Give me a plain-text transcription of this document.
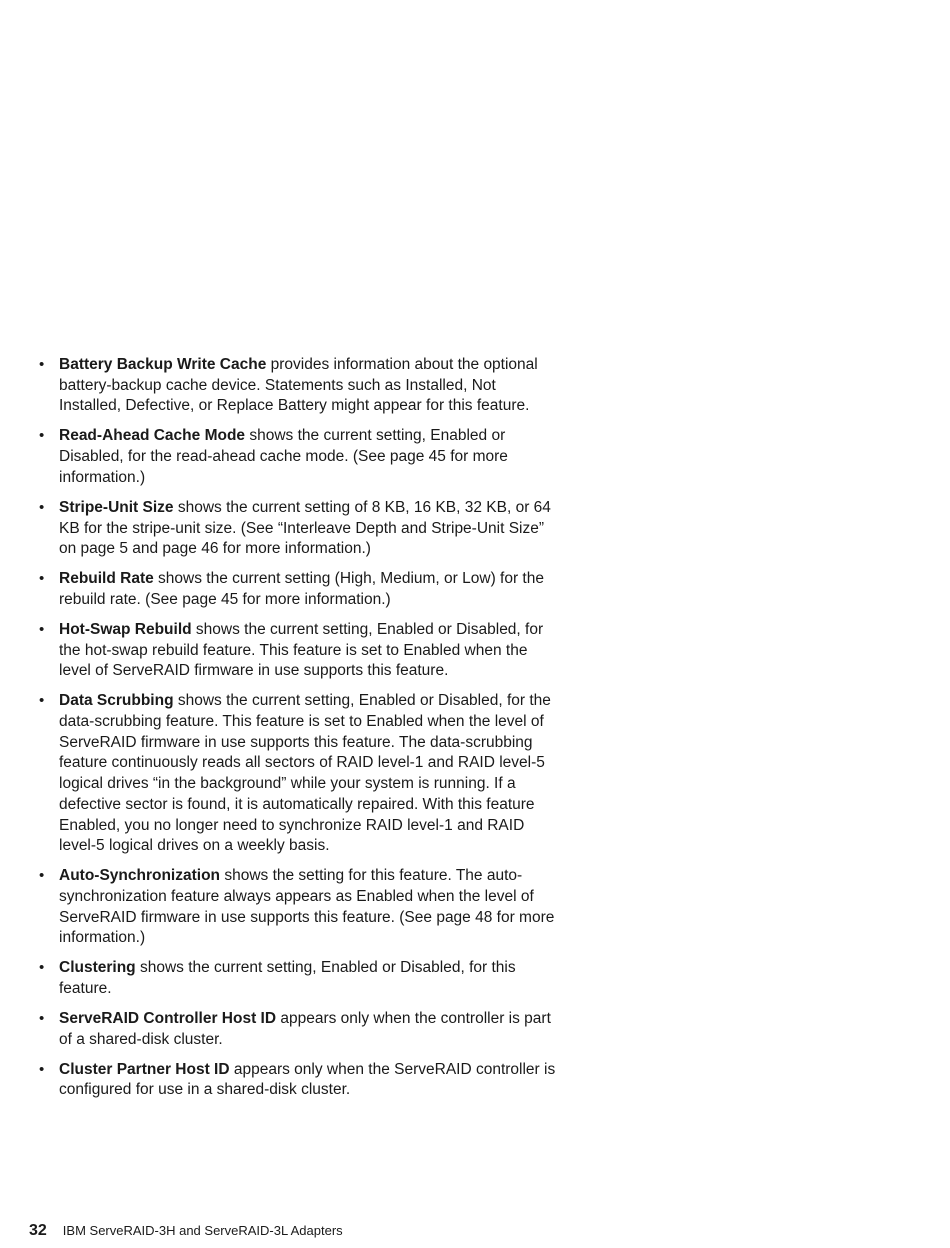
• Battery Backup Write Cache provides information about the optional battery-backup cache device. Statements such as Installed, Not Installed, Defective, or Replace Battery might appear for this feature.
• Read-Ahead Cache Mode shows the current setting, Enabled or Disabled, for the read-ahead cache mode. (See page 45 for more information.)
• Stripe-Unit Size shows the current setting of 8 KB, 16 KB, 32 KB, or 64 KB for the stripe-unit size. (See “Interleave Depth and Stripe-Unit Size” on page 5 and page 46 for more information.)
• Rebuild Rate shows the current setting (High, Medium, or Low) for the rebuild rate. (See page 45 for more information.)
• Hot-Swap Rebuild shows the current setting, Enabled or Disabled, for the hot-swap rebuild feature. This feature is set to Enabled when the level of ServeRAID firmware in use supports this feature.
• Data Scrubbing shows the current setting, Enabled or Disabled, for the data-scrubbing feature. This feature is set to Enabled when the level of ServeRAID firmware in use supports this feature. The data-scrubbing feature continuously reads all sectors of RAID level-1 and RAID level-5 logical drives “in the background” while your system is running. If a defective sector is found, it is automatically repaired. With this feature Enabled, you no longer need to synchronize RAID level-1 and RAID level-5 logical drives on a weekly basis.
• Auto-Synchronization shows the setting for this feature. The auto-synchronization feature always appears as Enabled when the level of ServeRAID firmware in use supports this feature. (See page 48 for more information.)
• Clustering shows the current setting, Enabled or Disabled, for this feature.
• ServeRAID Controller Host ID appears only when the controller is part of a shared-disk cluster.
• Cluster Partner Host ID appears only when the ServeRAID controller is configured for use in a shared-disk cluster.
32 IBM ServeRAID-3H and ServeRAID-3L Adapters
